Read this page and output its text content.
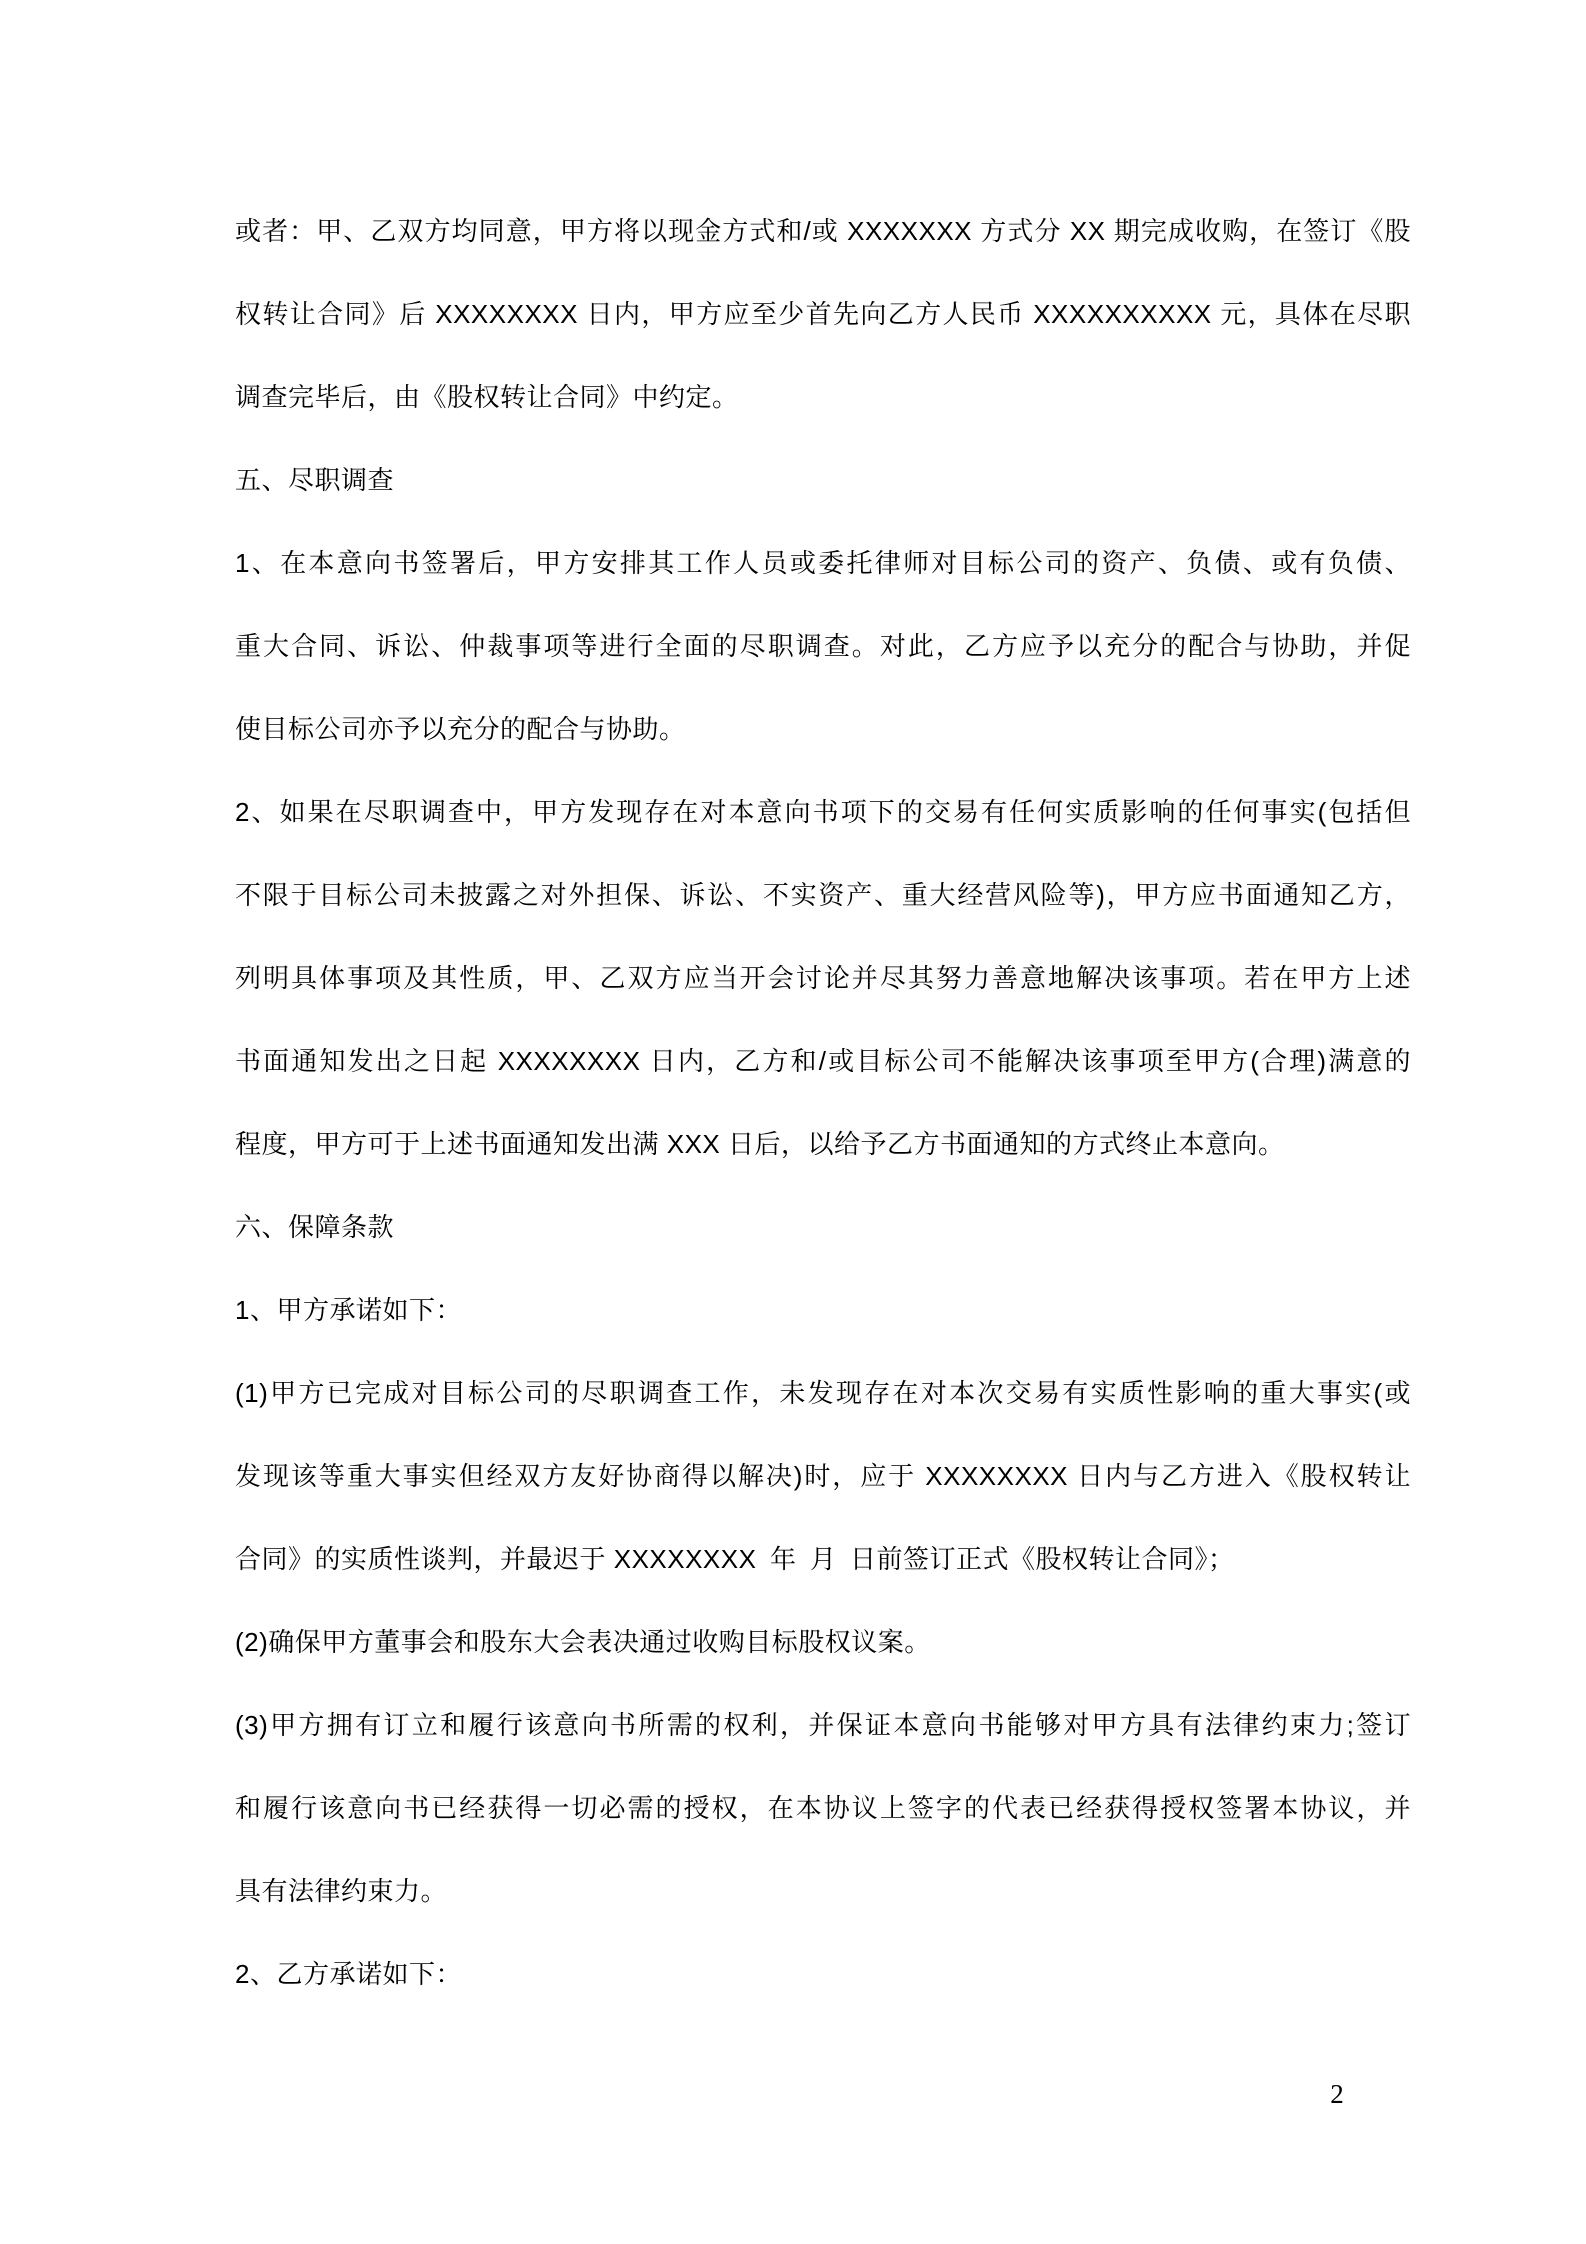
或者：甲、乙双方均同意，甲方将以现金方式和/或 XXXXXXX 方式分 XX 期完成收购，在签订《股
权转让合同》后 XXXXXXXX 日内，甲方应至少首先向乙方人民币 XXXXXXXXXX 元，具体在尽职
调查完毕后，由《股权转让合同》中约定。
五、尽职调查
1、在本意向书签署后，甲方安排其工作人员或委托律师对目标公司的资产、负债、或有负债、
重大合同、诉讼、仲裁事项等进行全面的尽职调查。对此，乙方应予以充分的配合与协助，并促
使目标公司亦予以充分的配合与协助。
2、如果在尽职调查中，甲方发现存在对本意向书项下的交易有任何实质影响的任何事实(包括但
不限于目标公司未披露之对外担保、诉讼、不实资产、重大经营风险等)，甲方应书面通知乙方，
列明具体事项及其性质，甲、乙双方应当开会讨论并尽其努力善意地解决该事项。若在甲方上述
书面通知发出之日起 XXXXXXXX 日内，乙方和/或目标公司不能解决该事项至甲方(合理)满意的
程度，甲方可于上述书面通知发出满 XXX 日后，以给予乙方书面通知的方式终止本意向。
六、保障条款
1、甲方承诺如下：
(1)甲方已完成对目标公司的尽职调查工作，未发现存在对本次交易有实质性影响的重大事实(或
发现该等重大事实但经双方友好协商得以解决)时，应于 XXXXXXXX 日内与乙方进入《股权转让
合同》的实质性谈判，并最迟于 XXXXXXXX 年 月 日前签订正式《股权转让合同》；
(2)确保甲方董事会和股东大会表决通过收购目标股权议案。
(3)甲方拥有订立和履行该意向书所需的权利，并保证本意向书能够对甲方具有法律约束力;签订
和履行该意向书已经获得一切必需的授权，在本协议上签字的代表已经获得授权签署本协议，并
具有法律约束力。
2、乙方承诺如下：
2
